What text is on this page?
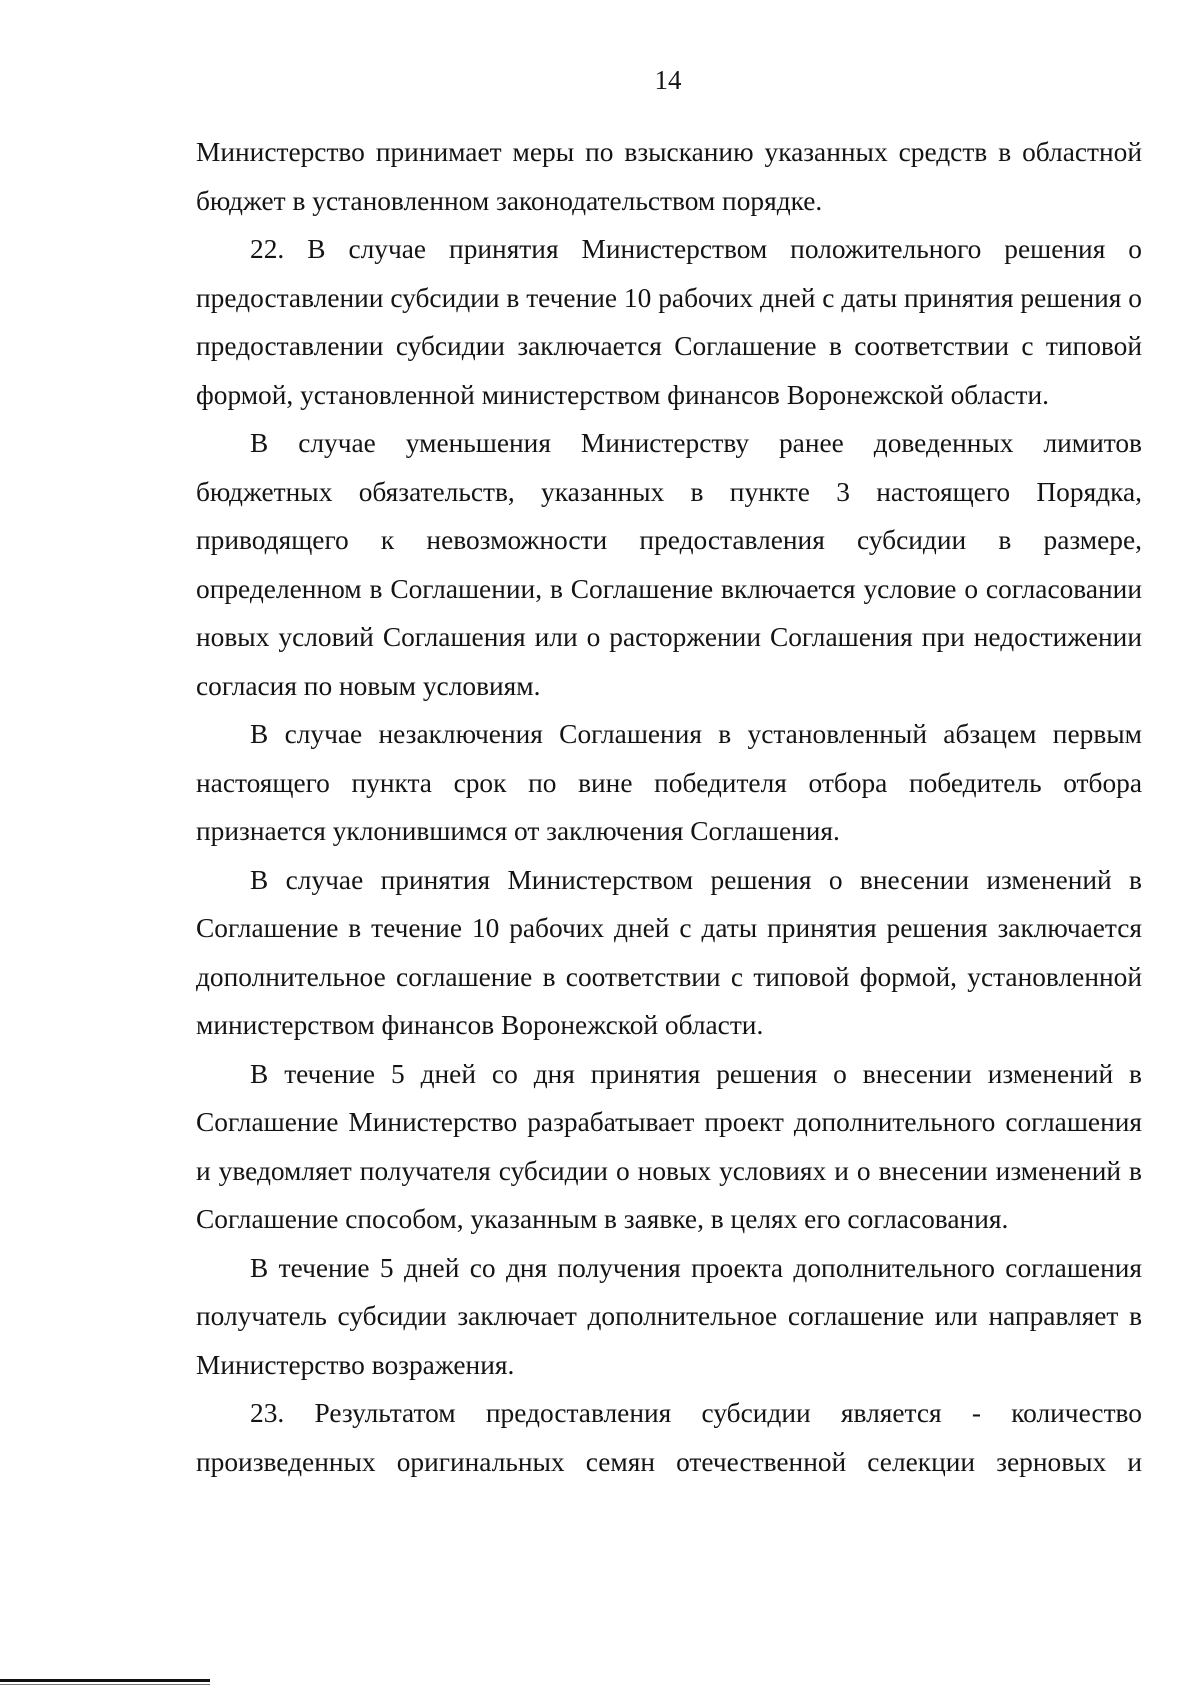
14

Министерство принимает меры по взысканию указанных средств в областной бюджет в установленном законодательством порядке.

22. В случае принятия Министерством положительного решения о предоставлении субсидии в течение 10 рабочих дней с даты принятия решения о предоставлении субсидии заключается Соглашение в соответствии с типовой формой, установленной министерством финансов Воронежской области.

В случае уменьшения Министерству ранее доведенных лимитов бюджетных обязательств, указанных в пункте 3 настоящего Порядка, приводящего к невозможности предоставления субсидии в размере, определенном в Соглашении, в Соглашение включается условие о согласовании новых условий Соглашения или о расторжении Соглашения при недостижении согласия по новым условиям.

В случае незаключения Соглашения в установленный абзацем первым настоящего пункта срок по вине победителя отбора победитель отбора признается уклонившимся от заключения Соглашения.

В случае принятия Министерством решения о внесении изменений в Соглашение в течение 10 рабочих дней с даты принятия решения заключается дополнительное соглашение в соответствии с типовой формой, установленной министерством финансов Воронежской области.

В течение 5 дней со дня принятия решения о внесении изменений в Соглашение Министерство разрабатывает проект дополнительного соглашения и уведомляет получателя субсидии о новых условиях и о внесении изменений в Соглашение способом, указанным в заявке, в целях его согласования.

В течение 5 дней со дня получения проекта дополнительного соглашения получатель субсидии заключает дополнительное соглашение или направляет в Министерство возражения.

23. Результатом предоставления субсидии является - количество произведенных оригинальных семян отечественной селекции зерновых и
